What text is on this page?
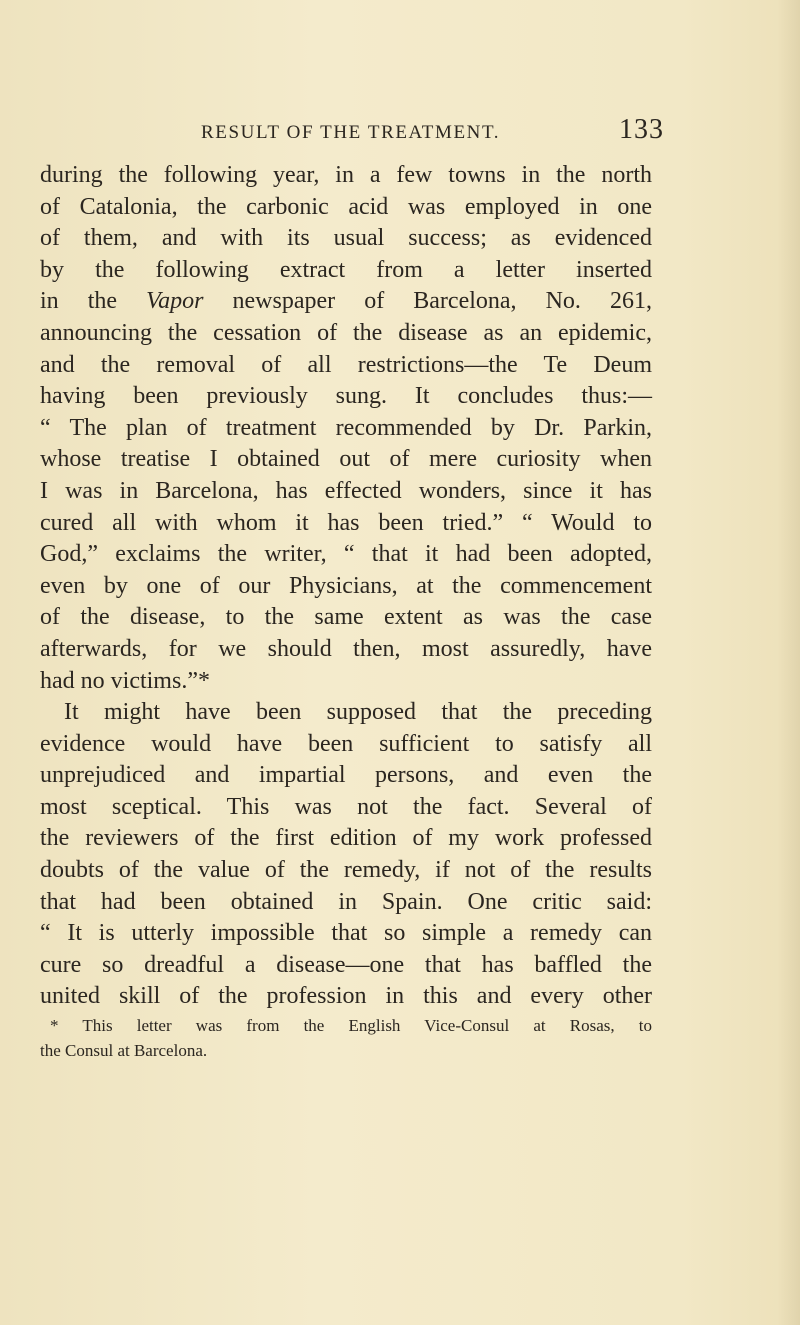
RESULT OF THE TREATMENT.	133
during the following year, in a few towns in the north
of Catalonia, the carbonic acid was employed in one
of them, and with its usual success; as evidenced
by the following extract from a letter inserted
in the Vapor newspaper of Barcelona, No. 261,
announcing the cessation of the disease as an epidemic,
and the removal of all restrictions—the Te Deum
having been previously sung. It concludes thus:—
“ The plan of treatment recommended by Dr. Parkin,
whose treatise I obtained out of mere curiosity when
I was in Barcelona, has effected wonders, since it has
cured all with whom it has been tried.” “ Would to
God,” exclaims the writer, “ that it had been adopted,
even by one of our Physicians, at the commencement
of the disease, to the same extent as was the case
afterwards, for we should then, most assuredly, have
had no victims.”*
It might have been supposed that the preceding
evidence would have been sufficient to satisfy all
unprejudiced and impartial persons, and even the
most sceptical. This was not the fact. Several of
the reviewers of the first edition of my work professed
doubts of the value of the remedy, if not of the results
that had been obtained in Spain. One critic said:
“ It is utterly impossible that so simple a remedy can
cure so dreadful a disease—one that has baffled the
united skill of the profession in this and every other
* This letter was from the English Vice-Consul at Rosas, to
the Consul at Barcelona.
